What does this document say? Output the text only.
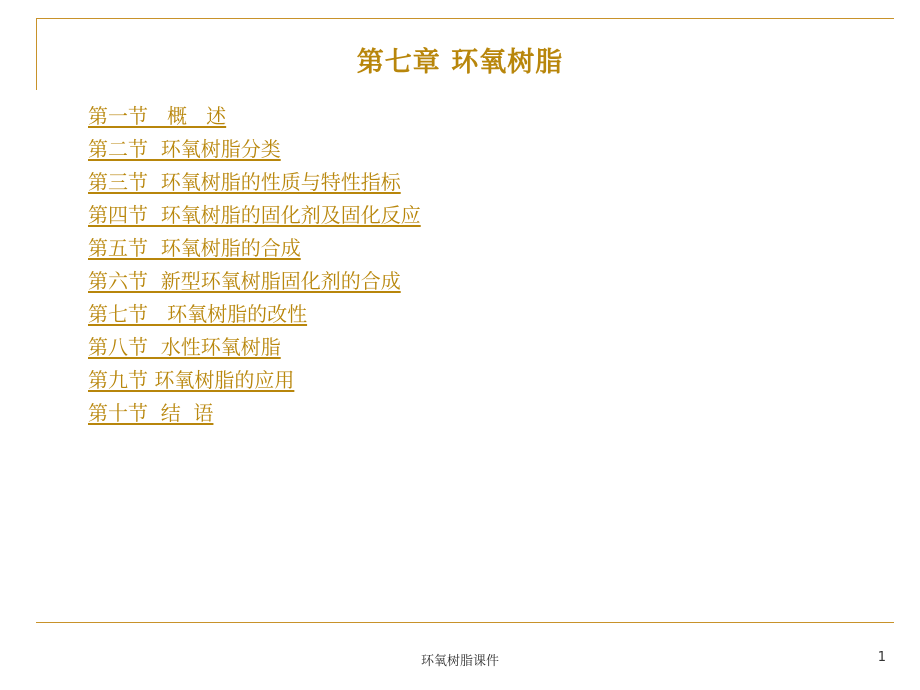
第七章 环氧树脂
第一节   概   述
第二节  环氧树脂分类
第三节  环氧树脂的性质与特性指标
第四节  环氧树脂的固化剂及固化反应
第五节  环氧树脂的合成
第六节  新型环氧树脂固化剂的合成
第七节   环氧树脂的改性
第八节  水性环氧树脂
第九节 环氧树脂的应用
第十节  结  语
环氧树脂课件	1
